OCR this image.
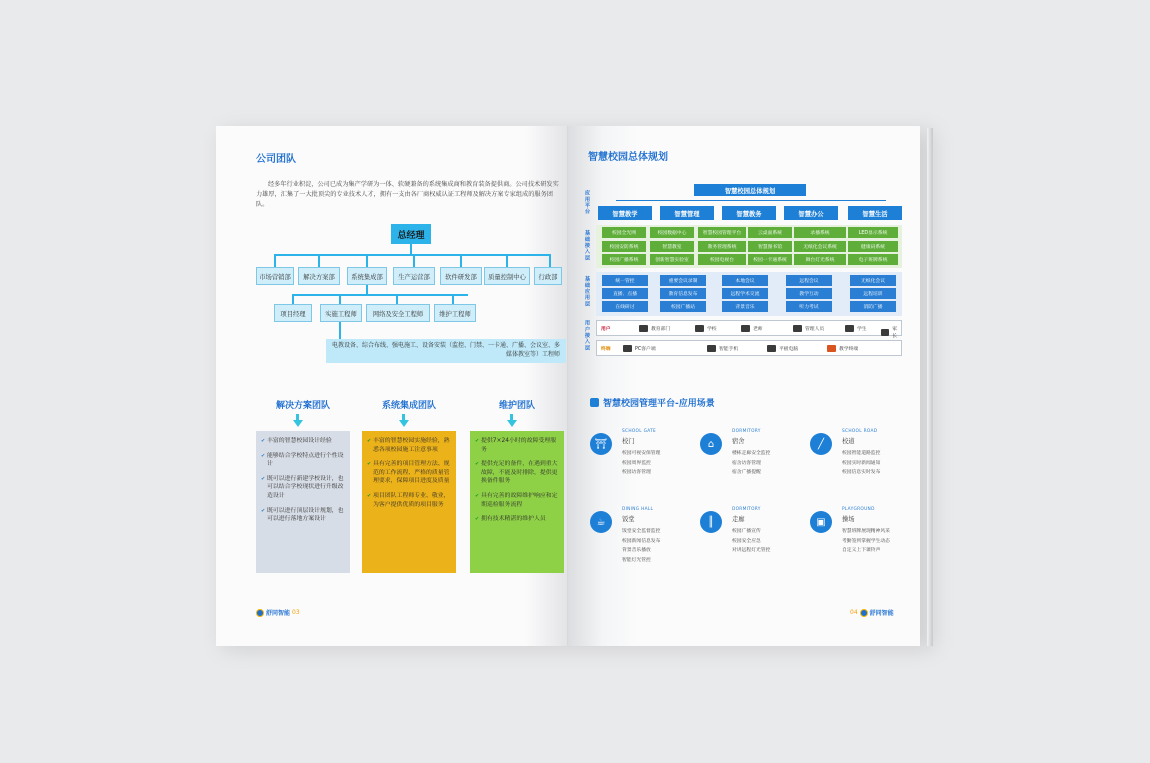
公司团队
经多年行业积淀，公司已成为集产学研为一体、软硬兼备的系统集成商和教育装备提供商。公司技术研发实力雄厚，汇集了一大批顶尖的专业技术人才，拥有一支由各厂商权威认证工程师及解决方案专家组成的服务团队。
总经理
市场营销部	解决方案部	系统集成部	生产运营部	软件研发部	质量控制中心	行政部
项目经理	实施工程师	网络及安全工程师	维护工程师
电教设备、综合布线、强电施工、设备安装（监控、门禁、一卡通、广播、会议室、多媒体教室等）工程师
解决方案团队	系统集成团队	维护团队
✔ 丰富的智慧校园设计经验
✔ 能够结合学校特点进行个性设计
✔ 既可以进行新建学校设计，也可以结合学校现状进行升级改造设计
✔ 既可以进行顶层设计规划，也可以进行落地方案设计
✔ 丰富的智慧校园实施经验，熟悉各项校园施工注意事项
✔ 具有完善的项目管理方法、规范的工作流程、严格的质量管理要求，保障项目进度及质量
✔ 项目团队工程师专业、敬业，为客户提供优质的项目服务
✔ 提供7×24小时的故障受理服务
✔ 提供充足的备件，在遇到重大故障，不能及时排除，提供更换备件服务
✔ 具有完善的故障维护响应和定期巡检服务流程
✔ 拥有技术精湛的维护人员
舒同智能 03
智慧校园总体规划
智慧校园总体规划
应用平台
基础接入层
基础应用层
用户接入层
智慧教学	智慧管理	智慧教务	智慧办公	智慧生活
用户	教育部门	学校	老师	管理人员	学生	家长
终端	PC客户端	智能手机	平板电脑	教学终端
智慧校园管理平台-应用场景
04 舒同智能
校园全光网	校园数据中心	智慧校园管理平台	云桌面系统	录播系统	LED显示系统
校园安防系统	智慧教室	教务管理系统	智慧图书馆	无纸化会议系统	健康码系统
校园广播系统	创新智慧实验室	校园电视台	校园一卡通系统	舞台灯光系统	电子班牌系统
统一管控	重要会议录制	本地会议	远程会议	无纸化会议
直播、点播	教育信息发布	远程学术交流	教学互动	远程培训
在线研讨	校园广播站	背景音乐	听力考试	消防广播
⛩
SCHOOL GATE
校门
校园可视安保管理
校园周界监控
校园访客管理
⌂
DORMITORY
宿舍
楼栋走廊安全监控
宿舍访客管理
宿舍广播提醒
╱
SCHOOL ROAD
校道
校园智能道路监控
校园实时新闻通知
校园信息实时发布
☕
DINING HALL
饭堂
饭堂安全监督监控
校园新闻信息发布
背景音乐播放
智能灯光管控
║
DORMITORY
走廊
校园广播宣传
校园安全应急
对讲远程灯光管控
▣
PLAYGROUND
操场
智慧班牌展现精神风采
考勤签到掌握学生动态
自定义上下课铃声
